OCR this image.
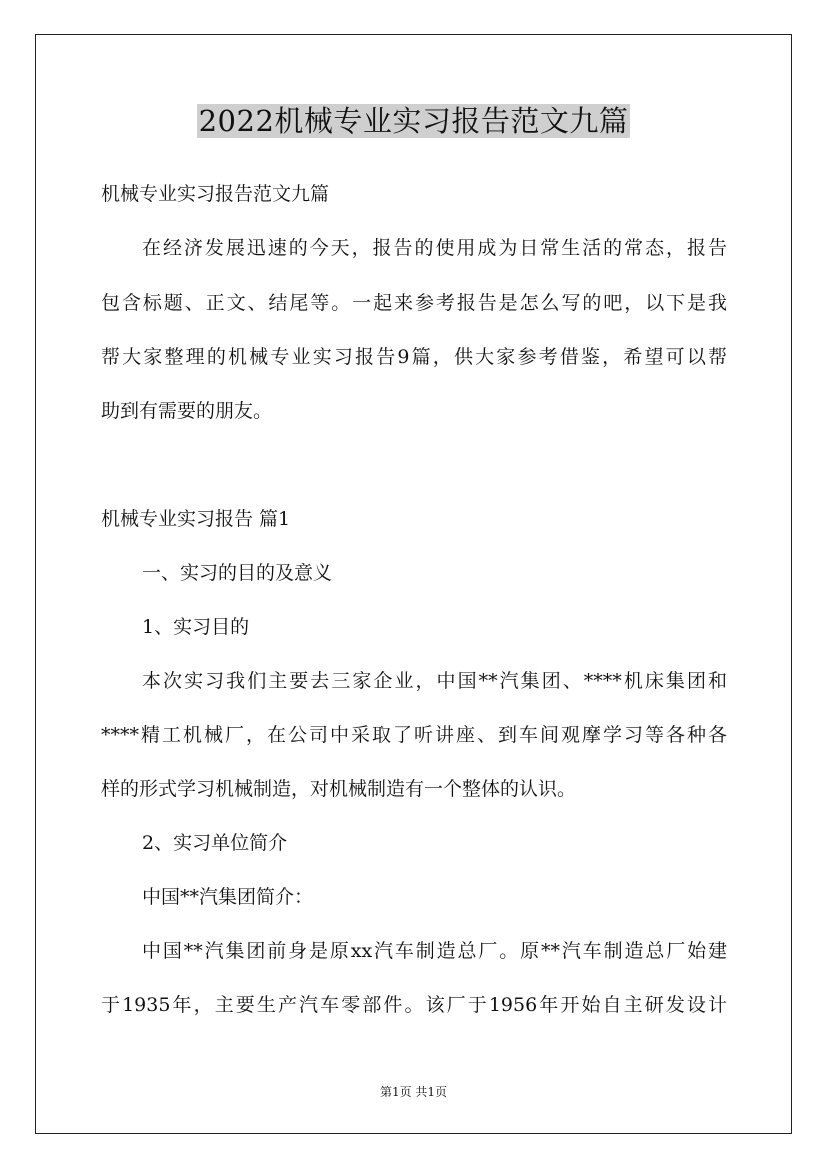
2022机械专业实习报告范文九篇
机械专业实习报告范文九篇
在经济发展迅速的今天，报告的使用成为日常生活的常态，报告
包含标题、正文、结尾等。一起来参考报告是怎么写的吧，以下是我
帮大家整理的机械专业实习报告9篇，供大家参考借鉴，希望可以帮
助到有需要的朋友。
机械专业实习报告 篇1
一、实习的目的及意义
1、实习目的
本次实习我们主要去三家企业，中国**汽集团、****机床集团和
****精工机械厂，在公司中采取了听讲座、到车间观摩学习等各种各
样的形式学习机械制造，对机械制造有一个整体的认识。
2、实习单位简介
中国**汽集团简介：
中国**汽集团前身是原xx汽车制造总厂。原**汽车制造总厂始建
于1935年，主要生产汽车零部件。该厂于1956年开始自主研发设计
第1页 共1页
